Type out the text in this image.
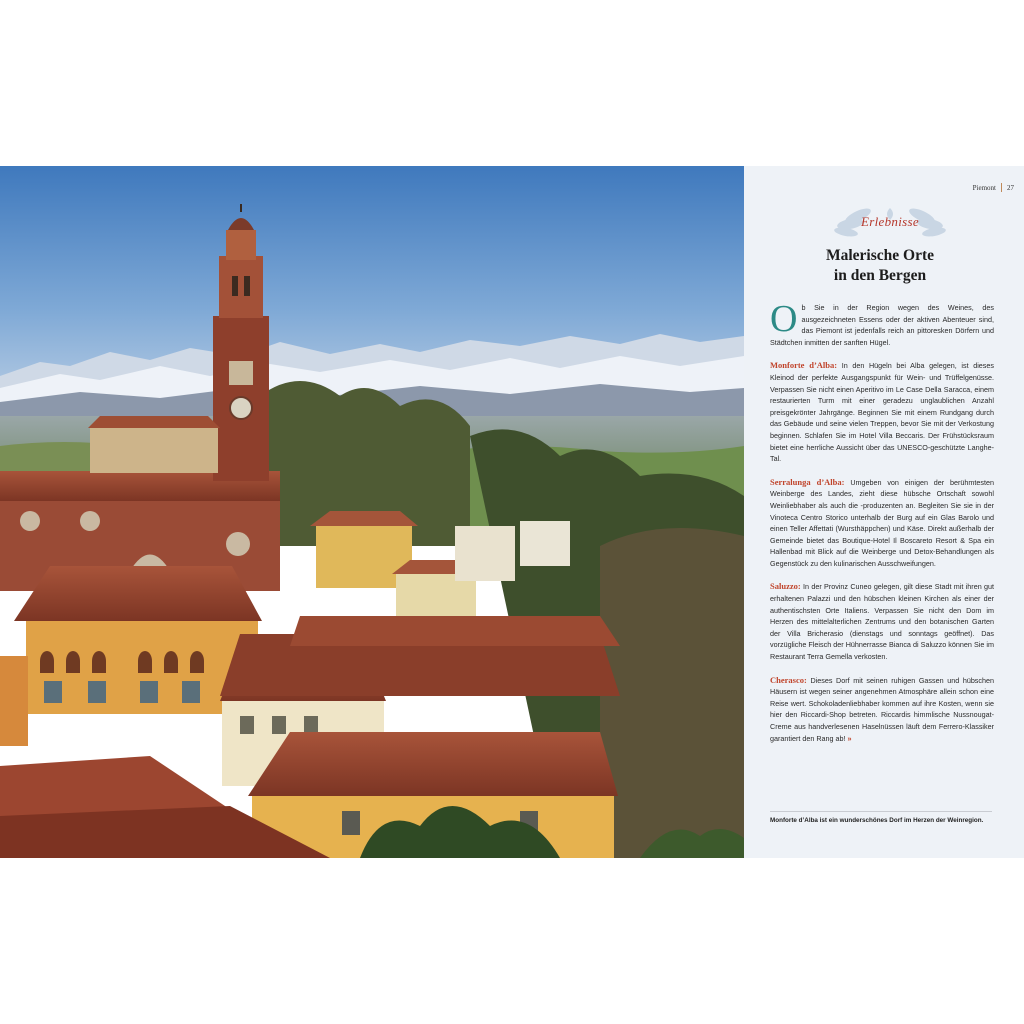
Piemont 27
Erlebnisse
Malerische Orte
in den Bergen

Ob Sie in der Region wegen des Weines, des ausgezeichneten Essens oder der aktiven Abenteuer sind, das Piemont ist jedenfalls reich an pittoresken Dörfern und Städtchen inmitten der sanften Hügel.

Monforte d’Alba: In den Hügeln bei Alba gelegen, ist dieses Kleinod der perfekte Ausgangspunkt für Wein- und Trüffelgenüsse. Verpassen Sie nicht einen Aperitivo im Le Case Della Saracca, einem restaurierten Turm mit einer geradezu unglaublichen Anzahl preisgekrönter Jahrgänge. Beginnen Sie mit einem Rundgang durch das Gebäude und seine vielen Treppen, bevor Sie mit der Verkostung beginnen. Schlafen Sie im Hotel Villa Beccaris. Der Frühstücksraum bietet eine herrliche Aussicht über das UNESCO-geschützte Langhe-Tal.

Serralunga d’Alba: Umgeben von einigen der berühmtesten Weinberge des Landes, zieht diese hübsche Ortschaft sowohl Weinliebhaber als auch die -produzenten an. Begleiten Sie sie in der Vinoteca Centro Storico unterhalb der Burg auf ein Glas Barolo und einen Teller Affettati (Wursthäppchen) und Käse. Direkt außerhalb der Gemeinde bietet das Boutique-Hotel Il Boscareto Resort & Spa ein Hallenbad mit Blick auf die Weinberge und Detox-Behandlungen als Gegenstück zu den kulinarischen Ausschweifungen.

Saluzzo: In der Provinz Cuneo gelegen, gilt diese Stadt mit ihren gut erhaltenen Palazzi und den hübschen kleinen Kirchen als einer der authentischsten Orte Italiens. Verpassen Sie nicht den Dom im Herzen des mittelalterlichen Zentrums und den botanischen Garten der Villa Bricherasio (dienstags und sonntags geöffnet). Das vorzügliche Fleisch der Hühnerrasse Bianca di Saluzzo können Sie im Restaurant Terra Gemella verkosten.

Cherasco: Dieses Dorf mit seinen ruhigen Gassen und hübschen Häusern ist wegen seiner angenehmen Atmosphäre allein schon eine Reise wert. Schokoladenliebhaber kommen auf ihre Kosten, wenn sie hier den Riccardi-Shop betreten. Riccardis himmlische Nussnougat-Creme aus handverlesenen Haselnüssen läuft dem Ferrero-Klassiker garantiert den Rang ab! »

Monforte d’Alba ist ein wunderschönes Dorf im Herzen der Weinregion.
